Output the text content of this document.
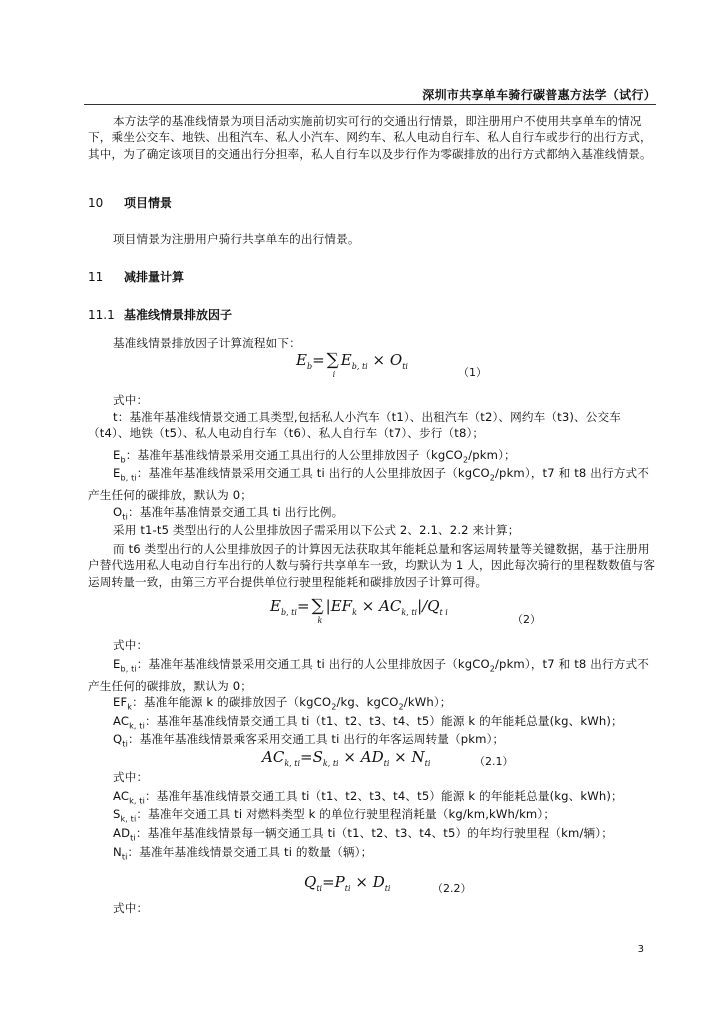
深圳市共享单车骑行碳普惠方法学（试行）
本方法学的基准线情景为项目活动实施前切实可行的交通出行情景，即注册用户不使用共享单车的情况下，乘坐公交车、地铁、出租汽车、私人小汽车、网约车、私人电动自行车、私人自行车或步行的出行方式，其中，为了确定该项目的交通出行分担率，私人自行车以及步行作为零碳排放的出行方式都纳入基准线情景。
10 项目情景
项目情景为注册用户骑行共享单车的出行情景。
11 减排量计算
11.1 基准线情景排放因子
基准线情景排放因子计算流程如下：
$E_b=$ ∑
i
$E_{b, ti} \times O_{ti}$	（1）
式中：
t：基准年基准线情景交通工具类型,包括私人小汽车（t1）、出租汽车（t2）、网约车（t3)、公交车（t4）、地铁（t5）、私人电动自行车（t6）、私人自行车（t7）、步行（t8）；
$E_b$：基准年基准线情景采用交通工具出行的人公里排放因子（kgCO$_2$/pkm）；
$E_{b, ti}$：基准年基准线情景采用交通工具 ti 出行的人公里排放因子（kgCO$_2$/pkm），t7 和 t8 出行方式不产生任何的碳排放，默认为 0；
$O_{ti}$：基准年基准情景交通工具 ti 出行比例。
采用 t1-t5 类型出行的人公里排放因子需采用以下公式 2、2.1、2.2 来计算；
而 t6 类型出行的人公里排放因子的计算因无法获取其年能耗总量和客运周转量等关键数据，基于注册用户替代选用私人电动自行车出行的人数与骑行共享单车一致，均默认为 1 人，因此每次骑行的里程数数值与客运周转量一致，由第三方平台提供单位行驶里程能耗和碳排放因子计算可得。
$E_{b, ti}=$ ∑
k
$|EF_k \times AC_{k, ti}|/Q_{t i}$
（2）
式中：
$E_{b, ti}$：基准年基准线情景采用交通工具 ti 出行的人公里排放因子（kgCO$_2$/pkm），t7 和 t8 出行方式不产生任何的碳排放，默认为 0；
$EF_k$：基准年能源 k 的碳排放因子（kgCO$_2$/kg、kgCO$_2$/kWh）；
$AC_{k, ti}$：基准年基准线情景交通工具 ti（t1、t2、t3、t4、t5）能源 k 的年能耗总量(kg、kWh)；
$Q_{ti}$：基准年基准线情景乘客采用交通工具 ti 出行的年客运周转量（pkm）；
$AC_{k, ti}=S_{k, ti} \times AD_{ti} \times N_{ti}$	（2.1）
式中：
$AC_{k, ti}$：基准年基准线情景交通工具 ti（t1、t2、t3、t4、t5）能源 k 的年能耗总量(kg、kWh)；
$S_{k, ti}$：基准年交通工具 ti 对燃料类型 k 的单位行驶里程消耗量（kg/km,kWh/km）；
$AD_{ti}$：基准年基准线情景每一辆交通工具 ti（t1、t2、t3、t4、t5）的年均行驶里程（km/辆）；
$N_{ti}$：基准年基准线情景交通工具 ti 的数量（辆）；
$Q_{ti}=P_{ti} \times D_{ti}$	（2.2）
式中：
3
